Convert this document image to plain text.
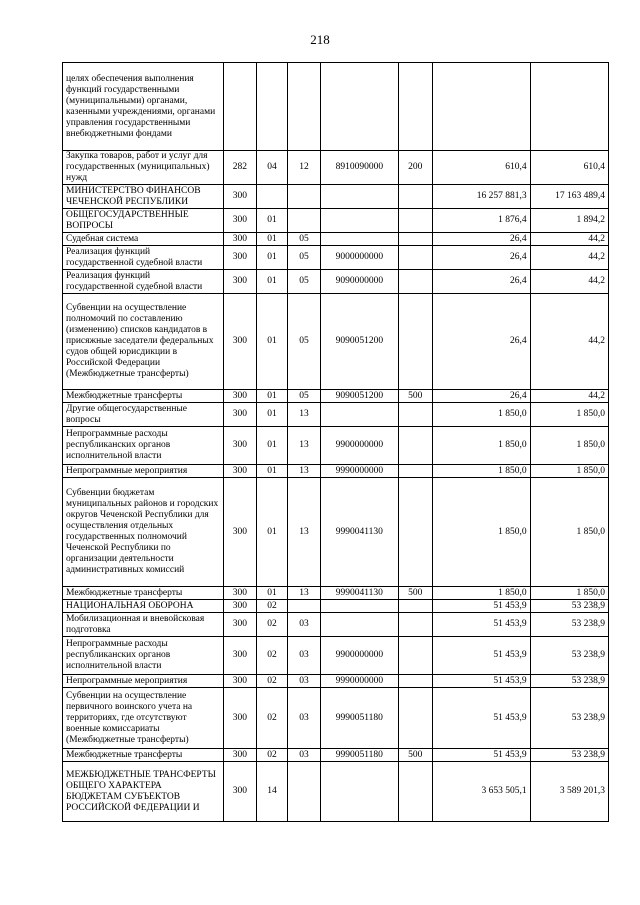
218
целях обеспечения выполнения функций государственными (муниципальными) органами, казенными учреждениями, органами управления государственными внебюджетными фондами							
Закупка товаров, работ и услуг для государственных (муниципальных) нужд	282	04	12	8910090000	200	610,4	610,4
МИНИСТЕРСТВО ФИНАНСОВ ЧЕЧЕНСКОЙ РЕСПУБЛИКИ	300					16 257 881,3	17 163 489,4
ОБЩЕГОСУДАРСТВЕННЫЕ ВОПРОСЫ	300	01				1 876,4	1 894,2
Судебная система	300	01	05			26,4	44,2
Реализация функций государственной судебной власти	300	01	05	9000000000		26,4	44,2
Реализация функций государственной судебной власти	300	01	05	9090000000		26,4	44,2
Субвенции на осуществление полномочий по составлению (изменению) списков кандидатов в присяжные заседатели федеральных судов общей юрисдикции в Российской Федерации (Межбюджетные трансферты)	300	01	05	9090051200		26,4	44,2
Межбюджетные трансферты	300	01	05	9090051200	500	26,4	44,2
Другие общегосударственные вопросы	300	01	13			1 850,0	1 850,0
Непрограммные расходы республиканских органов исполнительной власти	300	01	13	9900000000		1 850,0	1 850,0
Непрограммные мероприятия	300	01	13	9990000000		1 850,0	1 850,0
Субвенции бюджетам муниципальных районов и городских округов Чеченской Республики для осуществления отдельных государственных полномочий Чеченской Республики по организации деятельности административных комиссий	300	01	13	9990041130		1 850,0	1 850,0
Межбюджетные трансферты	300	01	13	9990041130	500	1 850,0	1 850,0
НАЦИОНАЛЬНАЯ ОБОРОНА	300	02				51 453,9	53 238,9
Мобилизационная и вневойсковая подготовка	300	02	03			51 453,9	53 238,9
Непрограммные расходы республиканских органов исполнительной власти	300	02	03	9900000000		51 453,9	53 238,9
Непрограммные мероприятия	300	02	03	9990000000		51 453,9	53 238,9
Субвенции на осуществление первичного воинского учета на территориях, где отсутствуют военные комиссариаты (Межбюджетные трансферты)	300	02	03	9990051180		51 453,9	53 238,9
Межбюджетные трансферты	300	02	03	9990051180	500	51 453,9	53 238,9
МЕЖБЮДЖЕТНЫЕ ТРАНСФЕРТЫ ОБЩЕГО ХАРАКТЕРА БЮДЖЕТАМ СУБЪЕКТОВ РОССИЙСКОЙ ФЕДЕРАЦИИ И	300	14				3 653 505,1	3 589 201,3
